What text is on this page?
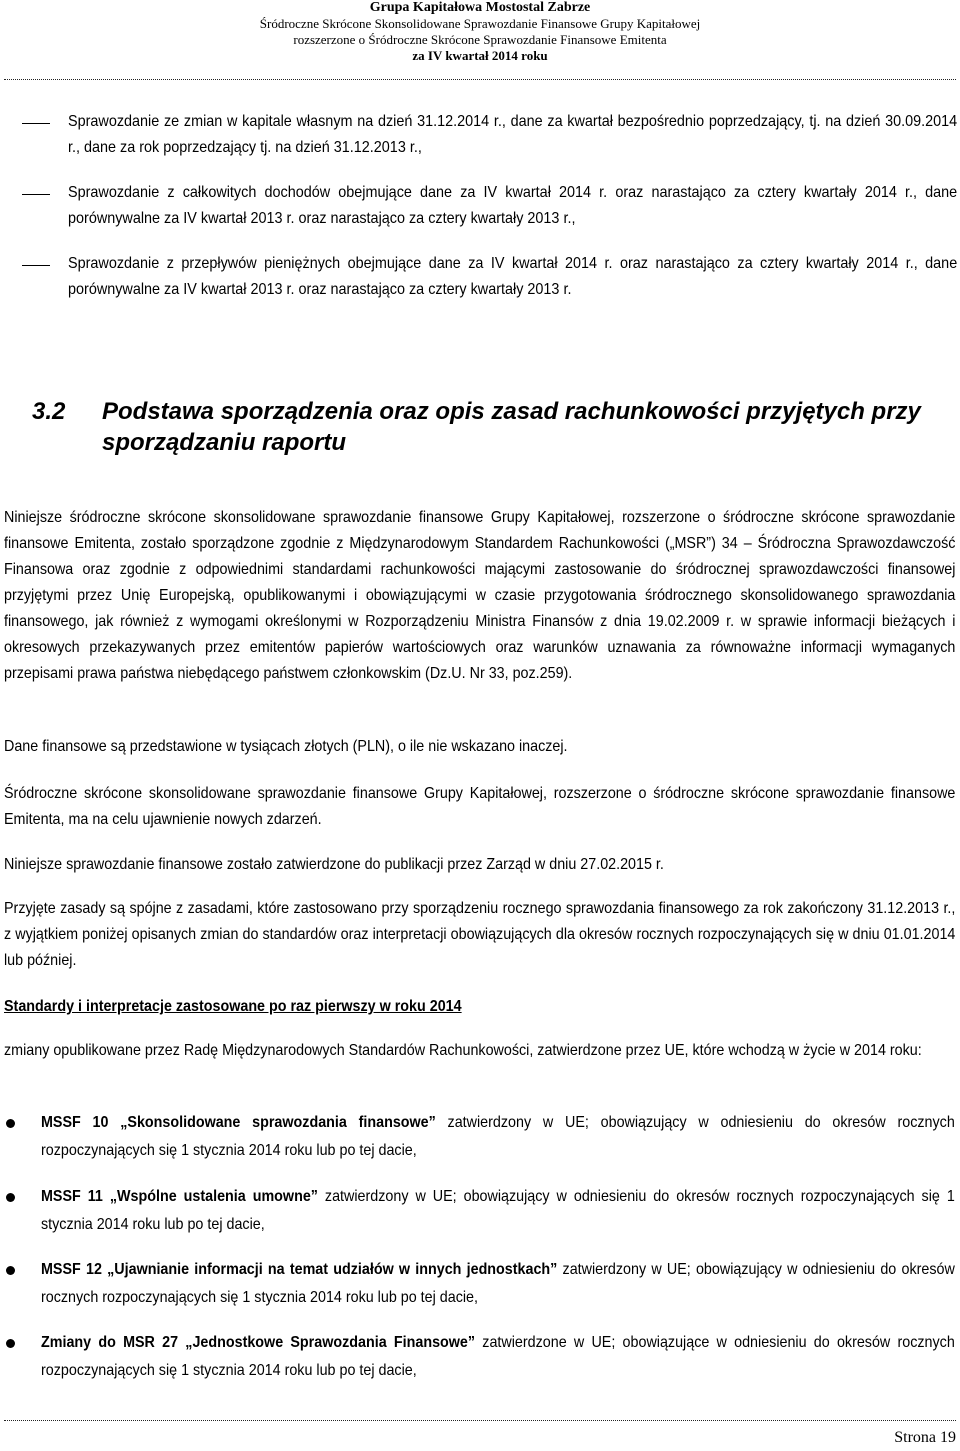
Grupa Kapitałowa Mostostal Zabrze
Śródroczne Skrócone Skonsolidowane Sprawozdanie Finansowe Grupy Kapitałowej
rozszerzone o Śródroczne Skrócone Sprawozdanie Finansowe Emitenta
za IV kwartał 2014 roku
Sprawozdanie ze zmian w kapitale własnym na dzień 31.12.2014 r., dane za kwartał bezpośrednio poprzedzający, tj. na dzień 30.09.2014 r., dane za rok poprzedzający tj. na dzień 31.12.2013 r.,
Sprawozdanie z całkowitych dochodów obejmujące dane za IV kwartał 2014 r. oraz narastająco za cztery kwartały 2014 r., dane porównywalne za IV kwartał 2013 r. oraz narastająco za cztery kwartały 2013 r.,
Sprawozdanie z przepływów pieniężnych obejmujące dane za IV kwartał 2014 r. oraz narastająco za cztery kwartały 2014 r., dane porównywalne za IV kwartał 2013 r. oraz narastająco za cztery kwartały 2013 r.
3.2 Podstawa sporządzenia oraz opis zasad rachunkowości przyjętych przy sporządzaniu raportu
Niniejsze śródroczne skrócone skonsolidowane sprawozdanie finansowe Grupy Kapitałowej, rozszerzone o śródroczne skrócone sprawozdanie finansowe Emitenta, zostało sporządzone zgodnie z Międzynarodowym Standardem Rachunkowości („MSR”) 34 – Śródroczna Sprawozdawczość Finansowa oraz zgodnie z odpowiednimi standardami rachunkowości mającymi zastosowanie do śródrocznej sprawozdawczości finansowej przyjętymi przez Unię Europejską, opublikowanymi i obowiązującymi w czasie przygotowania śródrocznego skonsolidowanego sprawozdania finansowego, jak również z wymogami określonymi w Rozporządzeniu Ministra Finansów z dnia 19.02.2009 r. w sprawie informacji bieżących i okresowych przekazywanych przez emitentów papierów wartościowych oraz warunków uznawania za równoważne informacji wymaganych przepisami prawa państwa niebędącego państwem członkowskim (Dz.U. Nr 33, poz.259).
Dane finansowe są przedstawione w tysiącach złotych (PLN), o ile nie wskazano inaczej.
Śródroczne skrócone skonsolidowane sprawozdanie finansowe Grupy Kapitałowej, rozszerzone o śródroczne skrócone sprawozdanie finansowe Emitenta, ma na celu ujawnienie nowych zdarzeń.
Niniejsze sprawozdanie finansowe zostało zatwierdzone do publikacji przez Zarząd w dniu 27.02.2015 r.
Przyjęte zasady są spójne z zasadami, które zastosowano przy sporządzeniu rocznego sprawozdania finansowego za rok zakończony 31.12.2013 r., z wyjątkiem poniżej opisanych zmian do standardów oraz interpretacji obowiązujących dla okresów rocznych rozpoczynających się w dniu 01.01.2014 lub później.
Standardy i interpretacje zastosowane po raz pierwszy w roku 2014
zmiany opublikowane przez Radę Międzynarodowych Standardów Rachunkowości, zatwierdzone przez UE, które wchodzą w życie w 2014 roku:
MSSF 10 „Skonsolidowane sprawozdania finansowe” zatwierdzony w UE; obowiązujący w odniesieniu do okresów rocznych rozpoczynających się 1 stycznia 2014 roku lub po tej dacie,
MSSF 11 „Wspólne ustalenia umowne” zatwierdzony w UE; obowiązujący w odniesieniu do okresów rocznych rozpoczynających się 1 stycznia 2014 roku lub po tej dacie,
MSSF 12 „Ujawnianie informacji na temat udziałów w innych jednostkach” zatwierdzony w UE; obowiązujący w odniesieniu do okresów rocznych rozpoczynających się 1 stycznia 2014 roku lub po tej dacie,
Zmiany do MSR 27 „Jednostkowe Sprawozdania Finansowe” zatwierdzone w UE; obowiązujące w odniesieniu do okresów rocznych rozpoczynających się 1 stycznia 2014 roku lub po tej dacie,
Strona 19
